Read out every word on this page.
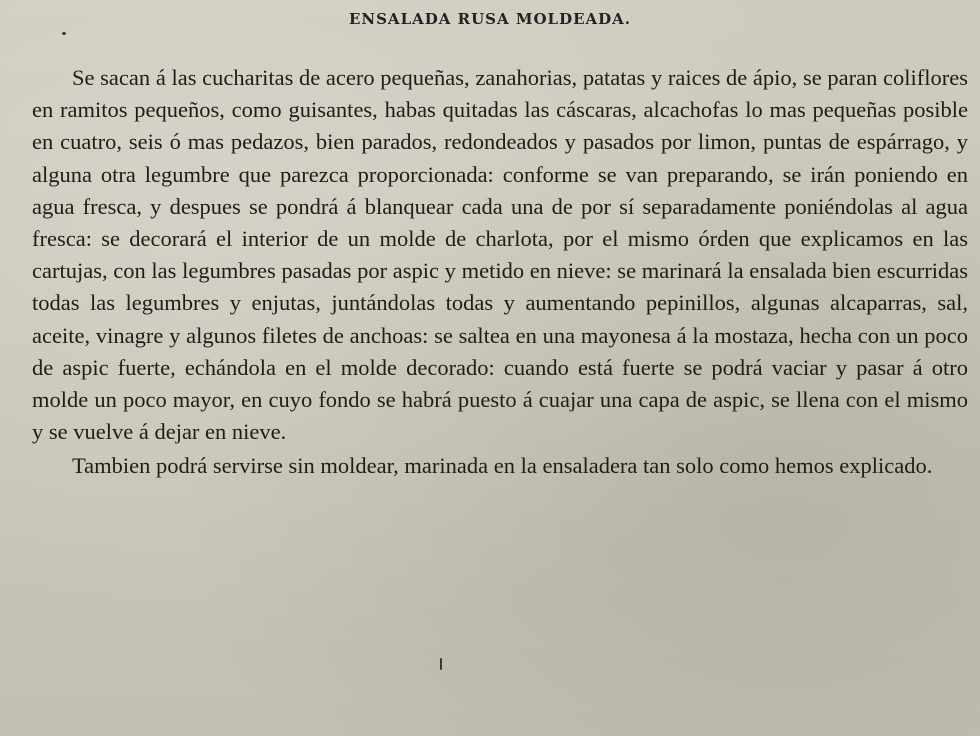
ENSALADA RUSA MOLDEADA.

Se sacan á las cucharitas de acero pequeñas, zanahorias, patatas y raices de ápio, se paran coliflores en ramitos pequeños, como guisantes, habas quitadas las cáscaras, alcachofas lo mas pequeñas posible en cuatro, seis ó mas pedazos, bien parados, redondeados y pasados por limon, puntas de espárrago, y alguna otra legumbre que parezca proporcionada: conforme se van preparando, se irán poniendo en agua fresca, y despues se pondrá á blanquear cada una de por sí separadamente poniéndolas al agua fresca: se decorará el interior de un molde de charlota, por el mismo órden que explicamos en las cartujas, con las legumbres pasadas por aspic y metido en nieve: se marinará la ensalada bien escurridas todas las legumbres y enjutas, juntándolas todas y aumentando pepinillos, algunas alcaparras, sal, aceite, vinagre y algunos filetes de anchoas: se saltea en una mayonesa á la mostaza, hecha con un poco de aspic fuerte, echándola en el molde decorado: cuando está fuerte se podrá vaciar y pasar á otro molde un poco mayor, en cuyo fondo se habrá puesto á cuajar una capa de aspic, se llena con el mismo y se vuelve á dejar en nieve.

Tambien podrá servirse sin moldear, marinada en la ensaladera tan solo como hemos explicado.
